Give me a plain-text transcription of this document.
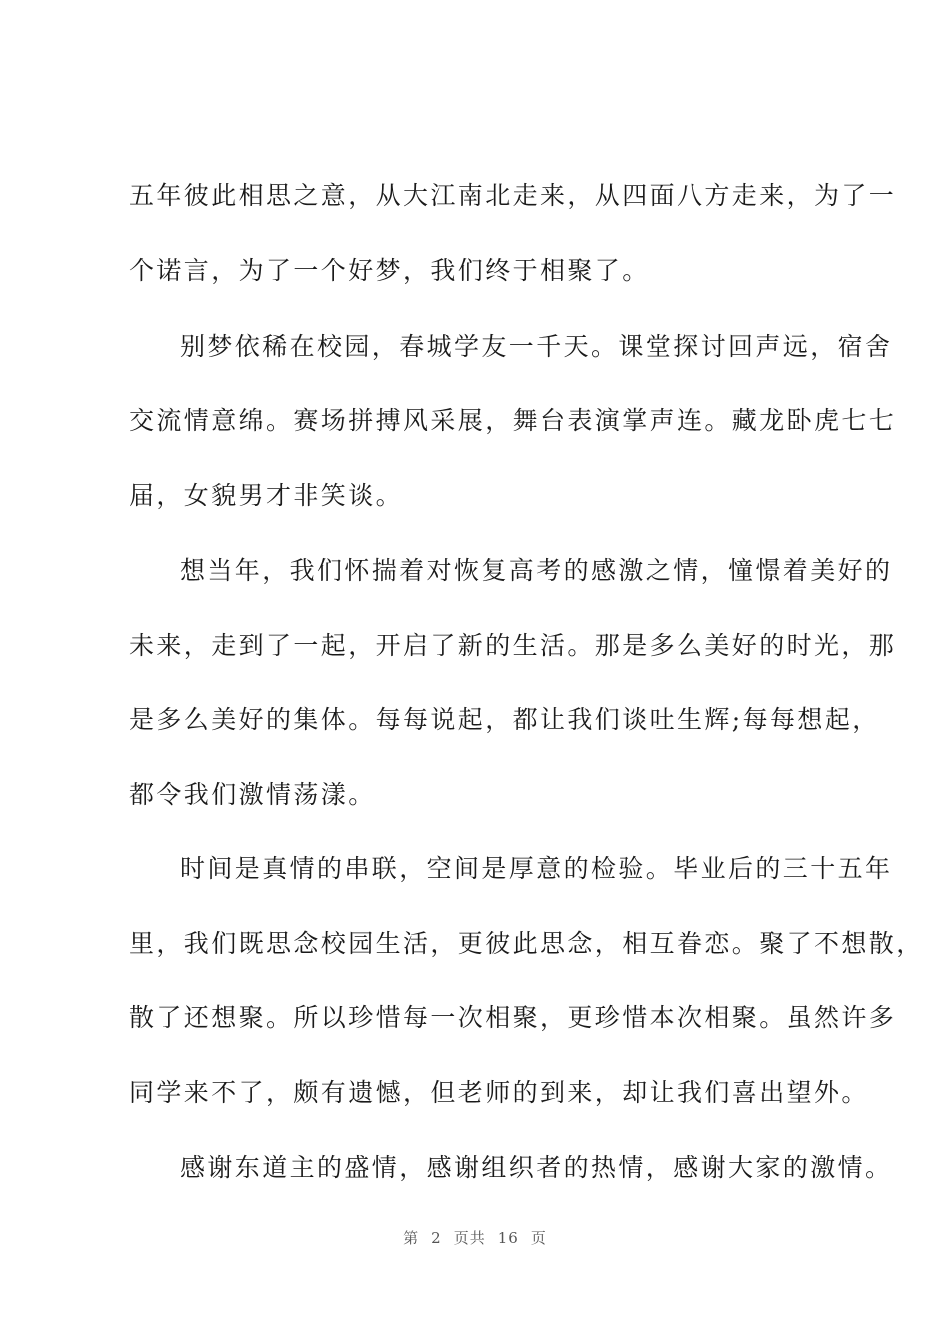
五年彼此相思之意，从大江南北走来，从四面八方走来，为了一
个诺言，为了一个好梦，我们终于相聚了。
别梦依稀在校园，春城学友一千天。课堂探讨回声远，宿舍
交流情意绵。赛场拼搏风采展，舞台表演掌声连。藏龙卧虎七七
届，女貌男才非笑谈。
想当年，我们怀揣着对恢复高考的感激之情，憧憬着美好的
未来，走到了一起，开启了新的生活。那是多么美好的时光，那
是多么美好的集体。每每说起，都让我们谈吐生辉;每每想起，
都令我们激情荡漾。
时间是真情的串联，空间是厚意的检验。毕业后的三十五年
里，我们既思念校园生活，更彼此思念，相互眷恋。聚了不想散，
散了还想聚。所以珍惜每一次相聚，更珍惜本次相聚。虽然许多
同学来不了，颇有遗憾，但老师的到来，却让我们喜出望外。
感谢东道主的盛情，感谢组织者的热情，感谢大家的激情。
第 2 页共 16 页
